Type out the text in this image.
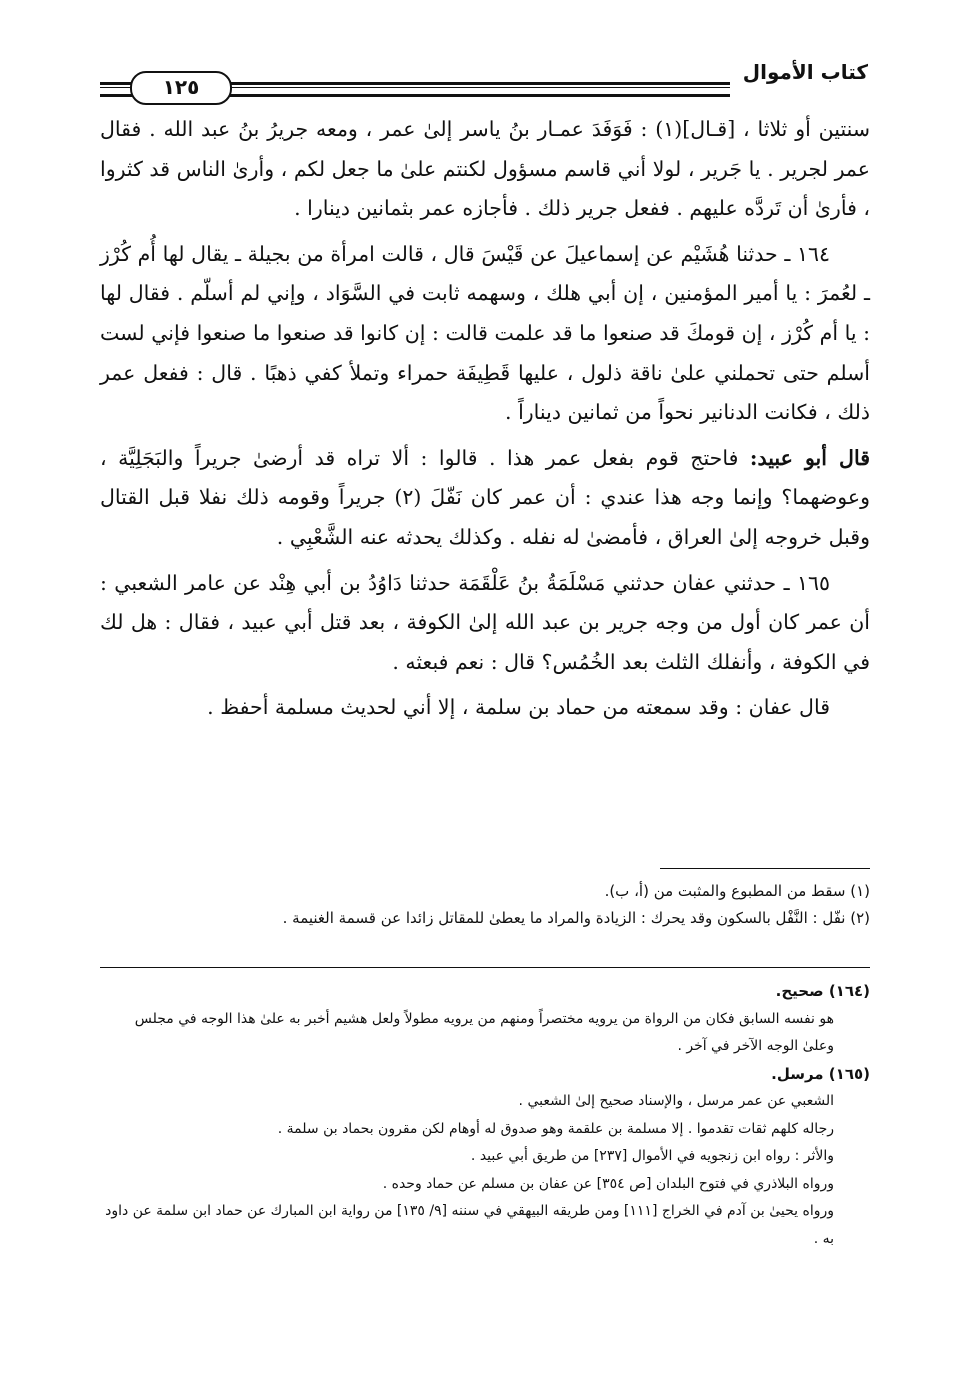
كتاب الأموال
١٢٥

سنتين أو ثلاثا ، [قـال](١) : فَوَفَدَ عمـار بنُ ياسر إلىٰ عمر ، ومعه جريرُ بنُ عبد الله . فقال عمر لجرير . يا جَرير ، لولا أني قاسم مسؤول لكنتم علىٰ ما جعل لكم ، وأرىٰ الناس قد كثروا ، فأرىٰ أن تَردَّه عليهم . ففعل جرير ذلك . فأجازه عمر بثمانين دينارا .

١٦٤ ـ حدثنا هُشَيْم عن إسماعيلَ عن قَيْسَ قال ، قالت امرأة من بجيلة ـ يقال لها أُم كُرْز ـ لعُمرَ : يا أمير المؤمنين ، إن أبي هلك ، وسهمه ثابت في السَّوَاد ، وإني لم أسلّم . فقال لها : يا أم كُرْز ، إن قومكَ قد صنعوا ما قد علمت قالت : إن كانوا قد صنعوا ما صنعوا فإني لست أسلم حتى تحملني علىٰ ناقة ذلول ، عليها قَطِيفَة حمراء وتملأ كفي ذهبًا . قال : ففعل عمر ذلك ، فكانت الدنانير نحواً من ثمانين ديناراً .

قال أبو عبيد: فاحتج قوم بفعل عمر هذا . قالوا : ألا تراه قد أرضىٰ جريراً والبَجَلِيَّة ، وعوضهما؟ وإنما وجه هذا عندي : أن عمر كان نَفّلَ (٢) جريراً وقومه ذلك نفلا قبل القتال وقبل خروجه إلىٰ العراق ، فأمضىٰ له نفله . وكذلك يحدثه عنه الشَّعْبِي .

١٦٥ ـ حدثني عفان حدثني مَسْلَمَةُ بنُ عَلْقَمَة حدثنا دَاوُدُ بن أبي هِنْد عن عامر الشعبي : أن عمر كان أول من وجه جرير بن عبد الله إلىٰ الكوفة ، بعد قتل أبي عبيد ، فقال : هل لك في الكوفة ، وأنفلك الثلث بعد الخُمُس؟ قال : نعم فبعثه .

قال عفان : وقد سمعته من حماد بن سلمة ، إلا أني لحديث مسلمة أحفظ .

(١) سقط من المطبوع والمثبت من (أ، ب).

(٢) نفّل : النَّفْل بالسكون وقد يحرك : الزيادة والمراد ما يعطىٰ للمقاتل زائدا عن قسمة الغنيمة .

(١٦٤) صحيح.

هو نفسه السابق فكان من الرواة من يرويه مختصراً ومنهم من يرويه مطولاً ولعل هشيم أخبر به علىٰ هذا الوجه في مجلس وعلىٰ الوجه الآخر في آخر .

(١٦٥) مرسل.

الشعبي عن عمر مرسل ، والإسناد صحيح إلىٰ الشعبي .

رجاله كلهم ثقات تقدموا . إلا مسلمة بن علقمة وهو صدوق له أوهام لكن مقرون بحماد بن سلمة .

والأثر : رواه ابن زنجويه في الأموال [٢٣٧] من طريق أبي عبيد .

ورواه البلاذري في فتوح البلدان [ص ٣٥٤] عن عفان بن مسلم عن حماد وحده .

ورواه يحيىٰ بن آدم في الخراج [١١١] ومن طريقه البيهقي في سننه [٩/ ١٣٥] من رواية ابن المبارك عن حماد ابن سلمة عن داود به .
